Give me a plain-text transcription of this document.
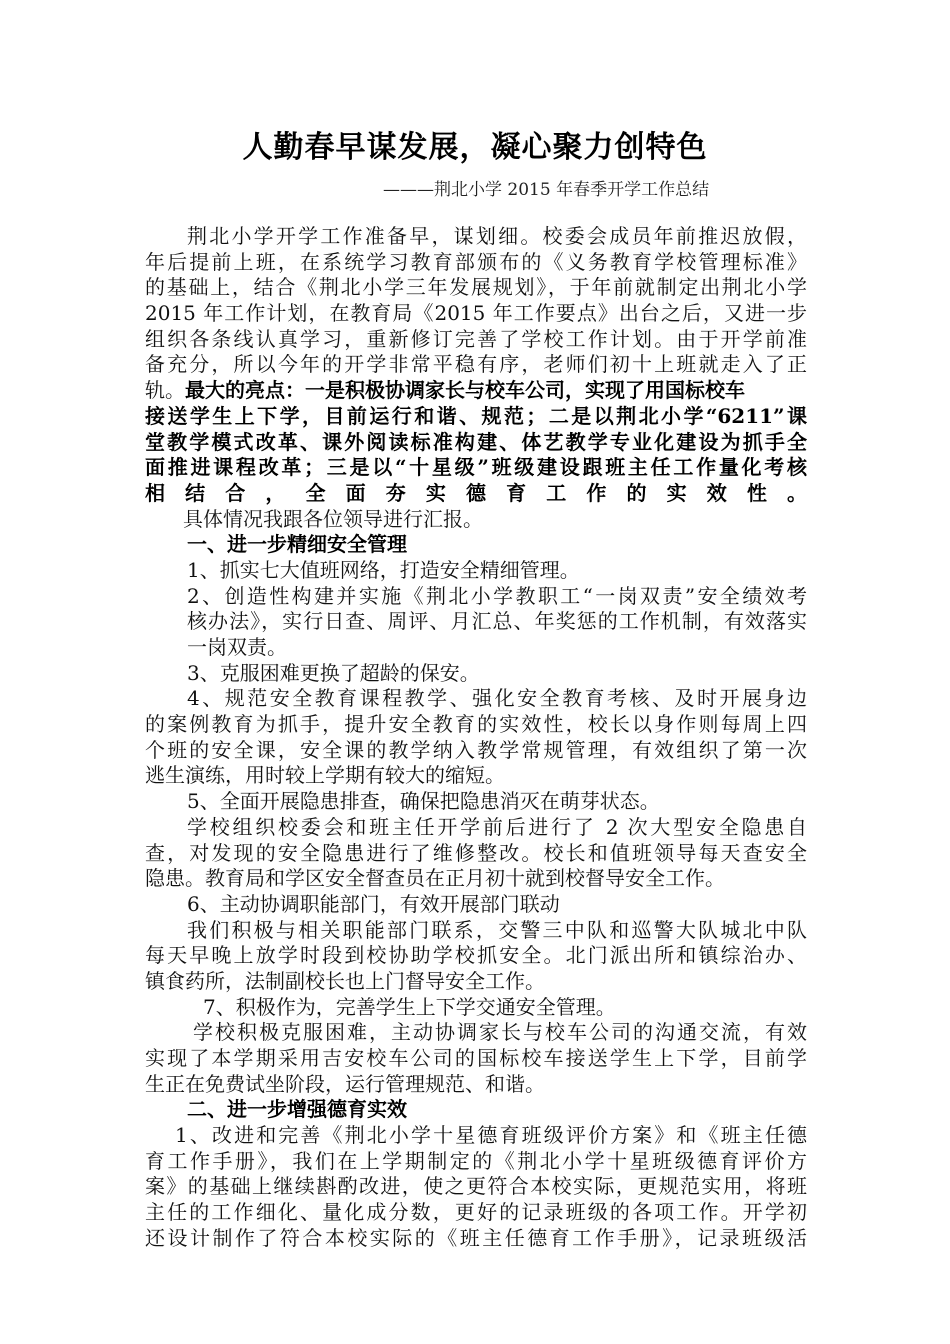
人勤春早谋发展，凝心聚力创特色
———荆北小学 2015 年春季开学工作总结
荆北小学开学工作准备早，谋划细。校委会成员年前推迟放假，
年后提前上班，在系统学习教育部颁布的《义务教育学校管理标准》
的基础上，结合《荆北小学三年发展规划》，于年前就制定出荆北小学
2015 年工作计划，在教育局《2015 年工作要点》出台之后，又进一步
组织各条线认真学习，重新修订完善了学校工作计划。由于开学前准
备充分，所以今年的开学非常平稳有序，老师们初十上班就走入了正
轨。最大的亮点：一是积极协调家长与校车公司，实现了用国标校车
接送学生上下学，目前运行和谐、规范；二是以荆北小学“6211”课
堂教学模式改革、课外阅读标准构建、体艺教学专业化建设为抓手全
面推进课程改革；三是以“十星级”班级建设跟班主任工作量化考核
相结合，全面夯实德育工作的实效性。
具体情况我跟各位领导进行汇报。
一、进一步精细安全管理
1、抓实七大值班网络，打造安全精细管理。
2、创造性构建并实施《荆北小学教职工“一岗双责”安全绩效考
核办法》，实行日查、周评、月汇总、年奖惩的工作机制，有效落实
一岗双责。
3、克服困难更换了超龄的保安。
4、规范安全教育课程教学、强化安全教育考核、及时开展身边
的案例教育为抓手，提升安全教育的实效性，校长以身作则每周上四
个班的安全课，安全课的教学纳入教学常规管理，有效组织了第一次
逃生演练，用时较上学期有较大的缩短。
5、全面开展隐患排查，确保把隐患消灭在萌芽状态。
学校组织校委会和班主任开学前后进行了 2 次大型安全隐患自
查，对发现的安全隐患进行了维修整改。校长和值班领导每天查安全
隐患。教育局和学区安全督查员在正月初十就到校督导安全工作。
6、主动协调职能部门，有效开展部门联动
我们积极与相关职能部门联系，交警三中队和巡警大队城北中队
每天早晚上放学时段到校协助学校抓安全。北门派出所和镇综治办、
镇食药所，法制副校长也上门督导安全工作。
7、积极作为，完善学生上下学交通安全管理。
学校积极克服困难，主动协调家长与校车公司的沟通交流，有效
实现了本学期采用吉安校车公司的国标校车接送学生上下学，目前学
生正在免费试坐阶段，运行管理规范、和谐。
二、进一步增强德育实效
1、改进和完善《荆北小学十星德育班级评价方案》和《班主任德
育工作手册》，我们在上学期制定的《荆北小学十星班级德育评价方
案》的基础上继续斟酌改进，使之更符合本校实际，更规范实用，将班
主任的工作细化、量化成分数，更好的记录班级的各项工作。开学初
还设计制作了符合本校实际的《班主任德育工作手册》，记录班级活
